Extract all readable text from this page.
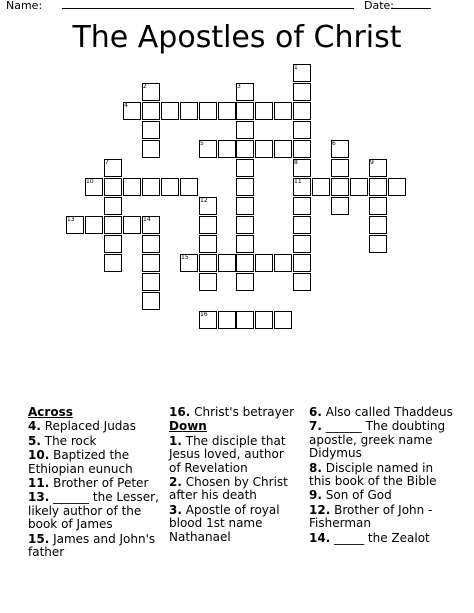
Name:	Date:
The Apostles of Christ
1
2	3
4
5	6
7	8	9
10	11
12
13	14
15
16
Across
4. Replaced Judas
5. The rock
10. Baptized the Ethiopian eunuch
11. Brother of Peter
13. ______ the Lesser, likely author of the book of James
15. James and John's father
16. Christ's betrayer
Down
1. The disciple that Jesus loved, author of Revelation
2. Chosen by Christ after his death
3. Apostle of royal blood 1st name Nathanael
6. Also called Thaddeus
7. ______ The doubting apostle, greek name Didymus
8. Disciple named in this book of the Bible
9. Son of God
12. Brother of John - Fisherman
14. _____ the Zealot
